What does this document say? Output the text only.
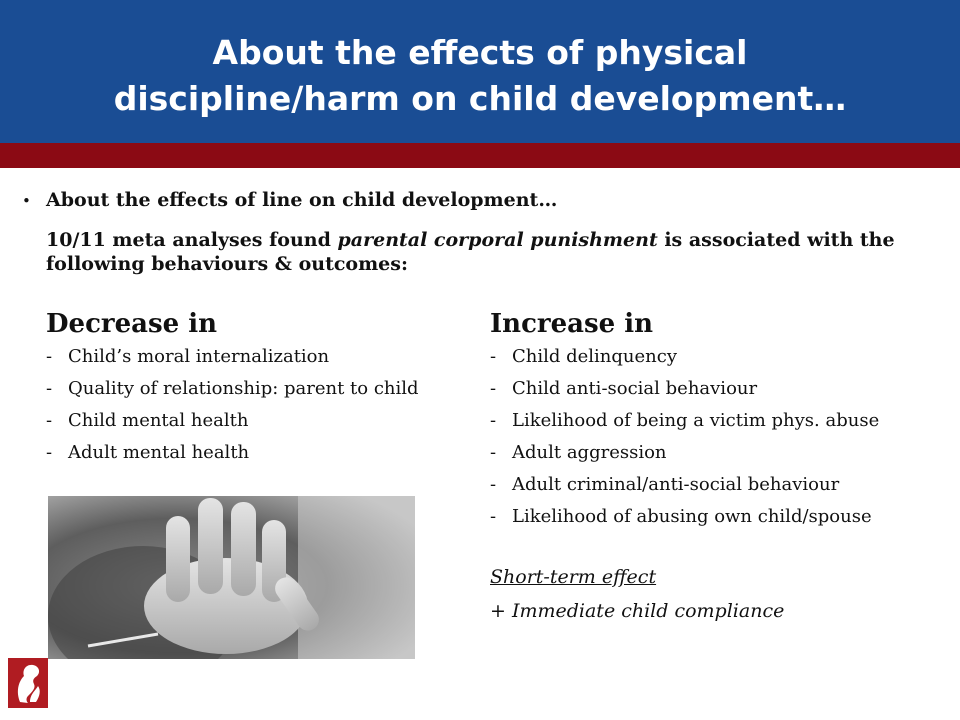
About the effects of physical
discipline/harm on child development…
• About the effects of line on child development…
10/11 meta analyses found parental corporal punishment is associated with the following behaviours & outcomes:
Decrease in
- Child’s moral internalization
- Quality of relationship: parent to child
- Child mental health
- Adult mental health
Increase in
- Child delinquency
- Child anti-social behaviour
- Likelihood of being a victim phys. abuse
- Adult aggression
- Adult criminal/anti-social behaviour
- Likelihood of abusing own child/spouse
Short-term effect
+ Immediate child compliance
